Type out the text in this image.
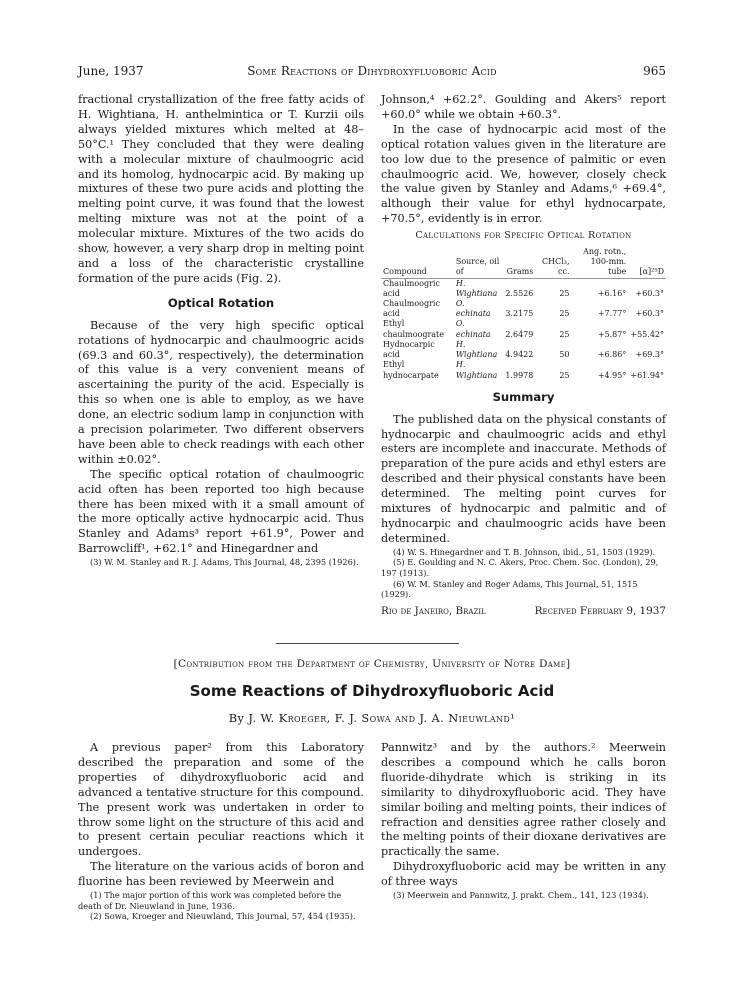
June, 1937	Some Reactions of Dihydroxyfluoboric Acid	965

fractional crystallization of the free fatty acids of H. Wightiana, H. anthelmintica or T. Kurzii oils always yielded mixtures which melted at 48–50°C.¹ They concluded that they were dealing with a molecular mixture of chaulmoogric acid and its homolog, hydnocarpic acid. By making up mixtures of these two pure acids and plotting the melting point curve, it was found that the lowest melting mixture was not at the point of a molecular mixture. Mixtures of the two acids do show, however, a very sharp drop in melting point and a loss of the characteristic crystalline formation of the pure acids (Fig. 2).

Optical Rotation

Because of the very high specific optical rotations of hydnocarpic and chaulmoogric acids (69.3 and 60.3°, respectively), the determination of this value is a very convenient means of ascertaining the purity of the acid. Especially is this so when one is able to employ, as we have done, an electric sodium lamp in conjunction with a precision polarimeter. Two different observers have been able to check readings with each other within ±0.02°.

The specific optical rotation of chaulmoogric acid often has been reported too high because there has been mixed with it a small amount of the more optically active hydnocarpic acid. Thus Stanley and Adams³ report +61.9°, Power and Barrowcliff¹, +62.1° and Hinegardner and

(3) W. M. Stanley and R. J. Adams, This Journal, 48, 2395 (1926).

Johnson,⁴ +62.2°. Goulding and Akers⁵ report +60.0° while we obtain +60.3°.

In the case of hydnocarpic acid most of the optical rotation values given in the literature are too low due to the presence of palmitic or even chaulmoogric acid. We, however, closely check the value given by Stanley and Adams,⁶ +69.4°, although their value for ethyl hydnocarpate, +70.5°, evidently is in error.

Calculations for Specific Optical Rotation
Compound	Source, oil of	Grams	CHCl₃, cc.	Ang. rotn., 100-mm. tube	[α]²⁵D
Chaulmoogric acid	H. Wightiana	2.5526	25	+6.16°	+60.3°
Chaulmoogric acid	O. echinata	3.2175	25	+7.77°	+60.3°
Ethyl chaulmoograte	O. echinata	2.6479	25	+5.87°	+55.42°
Hydnocarpic acid	H. Wightiana	4.9422	50	+6.86°	+69.3°
Ethyl hydnocarpate	H. Wightiana	1.9978	25	+4.95°	+61.94°
Summary

The published data on the physical constants of hydnocarpic and chaulmoogric acids and ethyl esters are incomplete and inaccurate. Methods of preparation of the pure acids and ethyl esters are described and their physical constants have been determined. The melting point curves for mixtures of hydnocarpic and palmitic and of hydnocarpic and chaulmoogric acids have been determined.

(4) W. S. Hinegardner and T. B. Johnson, ibid., 51, 1503 (1929).

(5) E. Goulding and N. C. Akers, Proc. Chem. Soc. (London), 29, 197 (1913).

(6) W. M. Stanley and Roger Adams, This Journal, 51, 1515 (1929).

Rio de Janeiro, Brazil	Received February 9, 1937
[Contribution from the Department of Chemistry, University of Notre Dame]
Some Reactions of Dihydroxyfluoboric Acid
By J. W. Kroeger, F. J. Sowa and J. A. Nieuwland¹

A previous paper² from this Laboratory described the preparation and some of the properties of dihydroxyfluoboric acid and advanced a tentative structure for this compound. The present work was undertaken in order to throw some light on the structure of this acid and to present certain peculiar reactions which it undergoes.

The literature on the various acids of boron and fluorine has been reviewed by Meerwein and

(1) The major portion of this work was completed before the death of Dr. Nieuwland in June, 1936.

(2) Sowa, Kroeger and Nieuwland, This Journal, 57, 454 (1935).

Pannwitz³ and by the authors.² Meerwein describes a compound which he calls boron fluoride-dihydrate which is striking in its similarity to dihydroxyfluoboric acid. They have similar boiling and melting points, their indices of refraction and densities agree rather closely and the melting points of their dioxane derivatives are practically the same.

Dihydroxyfluoboric acid may be written in any of three ways

(3) Meerwein and Pannwitz, J. prakt. Chem., 141, 123 (1934).
